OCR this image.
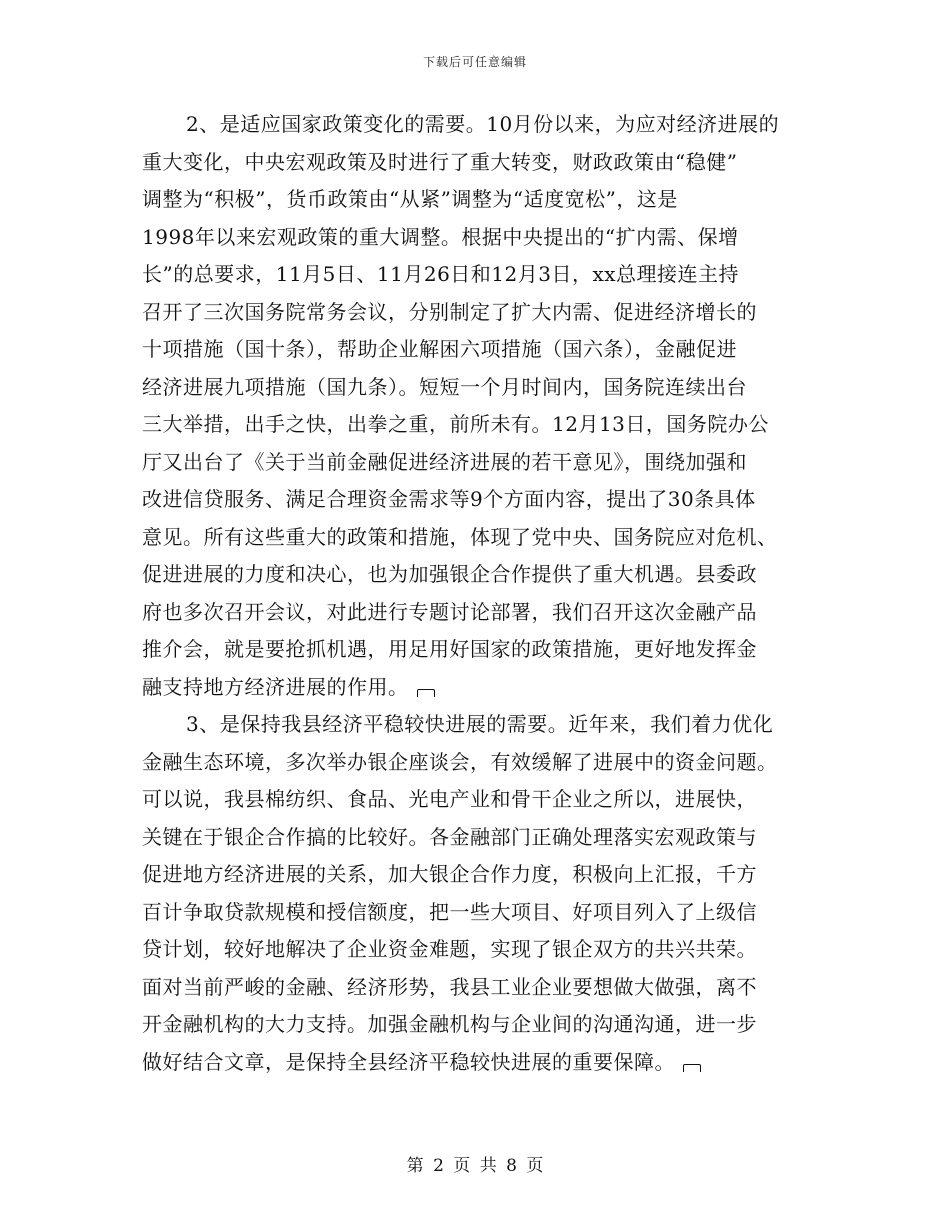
下载后可任意编辑

2、是适应国家政策变化的需要。10月份以来，为应对经济进展的
重大变化，中央宏观政策及时进行了重大转变，财政政策由“稳健”
调整为“积极”，货币政策由“从紧”调整为“适度宽松”，这是
1998年以来宏观政策的重大调整。根据中央提出的“扩内需、保增
长”的总要求，11月5日、11月26日和12月3日，xx总理接连主持
召开了三次国务院常务会议，分别制定了扩大内需、促进经济增长的
十项措施（国十条），帮助企业解困六项措施（国六条），金融促进
经济进展九项措施（国九条）。短短一个月时间内，国务院连续出台
三大举措，出手之快，出拳之重，前所未有。12月13日，国务院办公
厅又出台了《关于当前金融促进经济进展的若干意见》，围绕加强和
改进信贷服务、满足合理资金需求等9个方面内容，提出了30条具体
意见。所有这些重大的政策和措施，体现了党中央、国务院应对危机、
促进进展的力度和决心，也为加强银企合作提供了重大机遇。县委政
府也多次召开会议，对此进行专题讨论部署，我们召开这次金融产品
推介会，就是要抢抓机遇，用足用好国家的政策措施，更好地发挥金
融支持地方经济进展的作用。

3、是保持我县经济平稳较快进展的需要。近年来，我们着力优化
金融生态环境，多次举办银企座谈会，有效缓解了进展中的资金问题。
可以说，我县棉纺织、食品、光电产业和骨干企业之所以，进展快，
关键在于银企合作搞的比较好。各金融部门正确处理落实宏观政策与
促进地方经济进展的关系，加大银企合作力度，积极向上汇报，千方
百计争取贷款规模和授信额度，把一些大项目、好项目列入了上级信
贷计划，较好地解决了企业资金难题，实现了银企双方的共兴共荣。
面对当前严峻的金融、经济形势，我县工业企业要想做大做强，离不
开金融机构的大力支持。加强金融机构与企业间的沟通沟通，进一步
做好结合文章，是保持全县经济平稳较快进展的重要保障。

第 2 页 共 8 页
